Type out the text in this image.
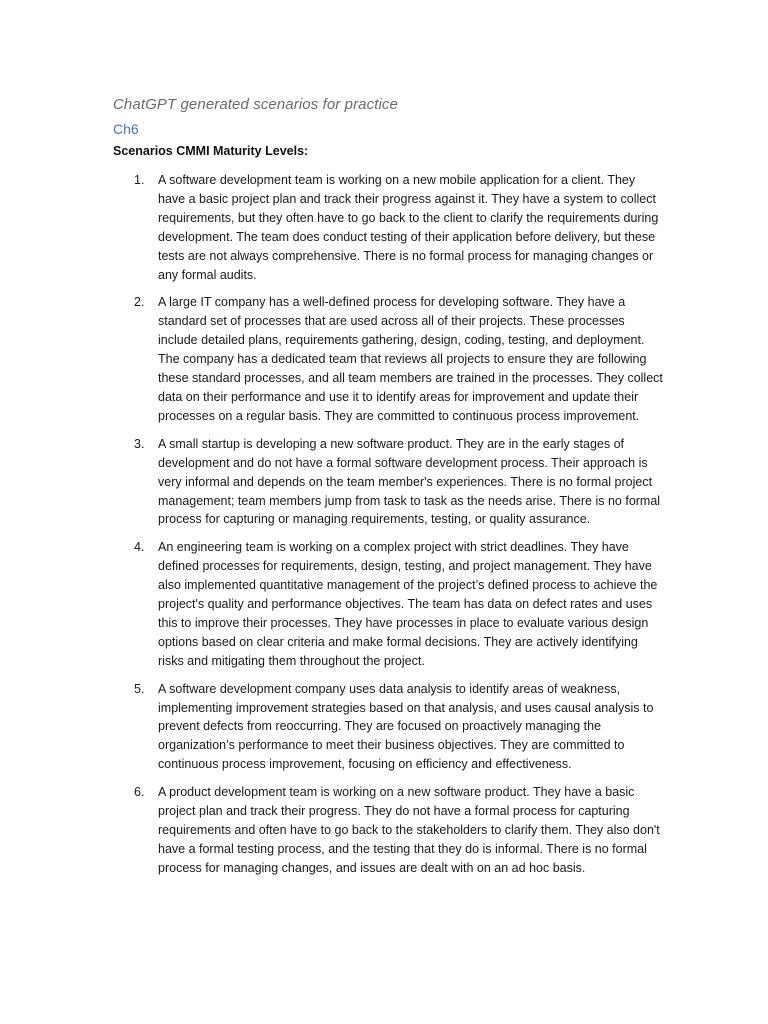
ChatGPT generated scenarios for practice
Ch6
Scenarios CMMI Maturity Levels:
1. A software development team is working on a new mobile application for a client. They have a basic project plan and track their progress against it. They have a system to collect requirements, but they often have to go back to the client to clarify the requirements during development. The team does conduct testing of their application before delivery, but these tests are not always comprehensive. There is no formal process for managing changes or any formal audits.
2. A large IT company has a well-defined process for developing software. They have a standard set of processes that are used across all of their projects. These processes include detailed plans, requirements gathering, design, coding, testing, and deployment. The company has a dedicated team that reviews all projects to ensure they are following these standard processes, and all team members are trained in the processes. They collect data on their performance and use it to identify areas for improvement and update their processes on a regular basis. They are committed to continuous process improvement.
3. A small startup is developing a new software product. They are in the early stages of development and do not have a formal software development process. Their approach is very informal and depends on the team member's experiences. There is no formal project management; team members jump from task to task as the needs arise. There is no formal process for capturing or managing requirements, testing, or quality assurance.
4. An engineering team is working on a complex project with strict deadlines. They have defined processes for requirements, design, testing, and project management. They have also implemented quantitative management of the project’s defined process to achieve the project's quality and performance objectives. The team has data on defect rates and uses this to improve their processes. They have processes in place to evaluate various design options based on clear criteria and make formal decisions. They are actively identifying risks and mitigating them throughout the project.
5. A software development company uses data analysis to identify areas of weakness, implementing improvement strategies based on that analysis, and uses causal analysis to prevent defects from reoccurring. They are focused on proactively managing the organization’s performance to meet their business objectives. They are committed to continuous process improvement, focusing on efficiency and effectiveness.
6. A product development team is working on a new software product. They have a basic project plan and track their progress. They do not have a formal process for capturing requirements and often have to go back to the stakeholders to clarify them. They also don't have a formal testing process, and the testing that they do is informal. There is no formal process for managing changes, and issues are dealt with on an ad hoc basis.
